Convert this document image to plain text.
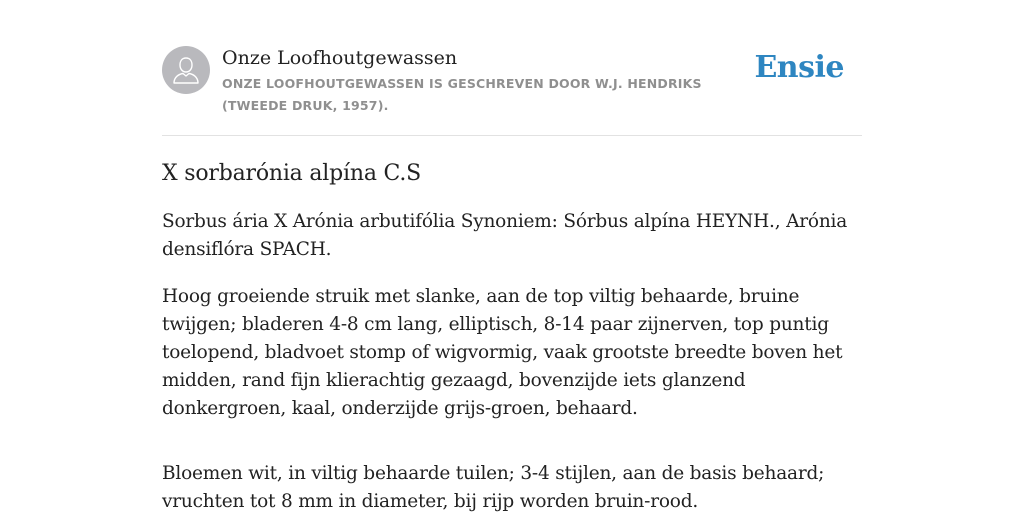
Onze Loofhoutgewassen
ONZE LOOFHOUTGEWASSEN IS GESCHREVEN DOOR W.J. HENDRIKS (TWEEDE DRUK, 1957).
Ensie
X sorbarónia alpína C.S

Sorbus ária X Arónia arbutifólia Synoniem: Sórbus alpína HEYNH., Arónia densiflóra SPACH.

Hoog groeiende struik met slanke, aan de top viltig behaarde, bruine twijgen; bladeren 4-8 cm lang, elliptisch, 8-14 paar zijnerven, top puntig toelopend, bladvoet stomp of wigvormig, vaak grootste breedte boven het midden, rand fijn klierachtig gezaagd, bovenzijde iets glanzend donkergroen, kaal, onderzijde grijs-groen, behaard.

Bloemen wit, in viltig behaarde tuilen; 3-4 stijlen, aan de basis behaard; vruchten tot 8 mm in diameter, bij rijp worden bruin-rood.
